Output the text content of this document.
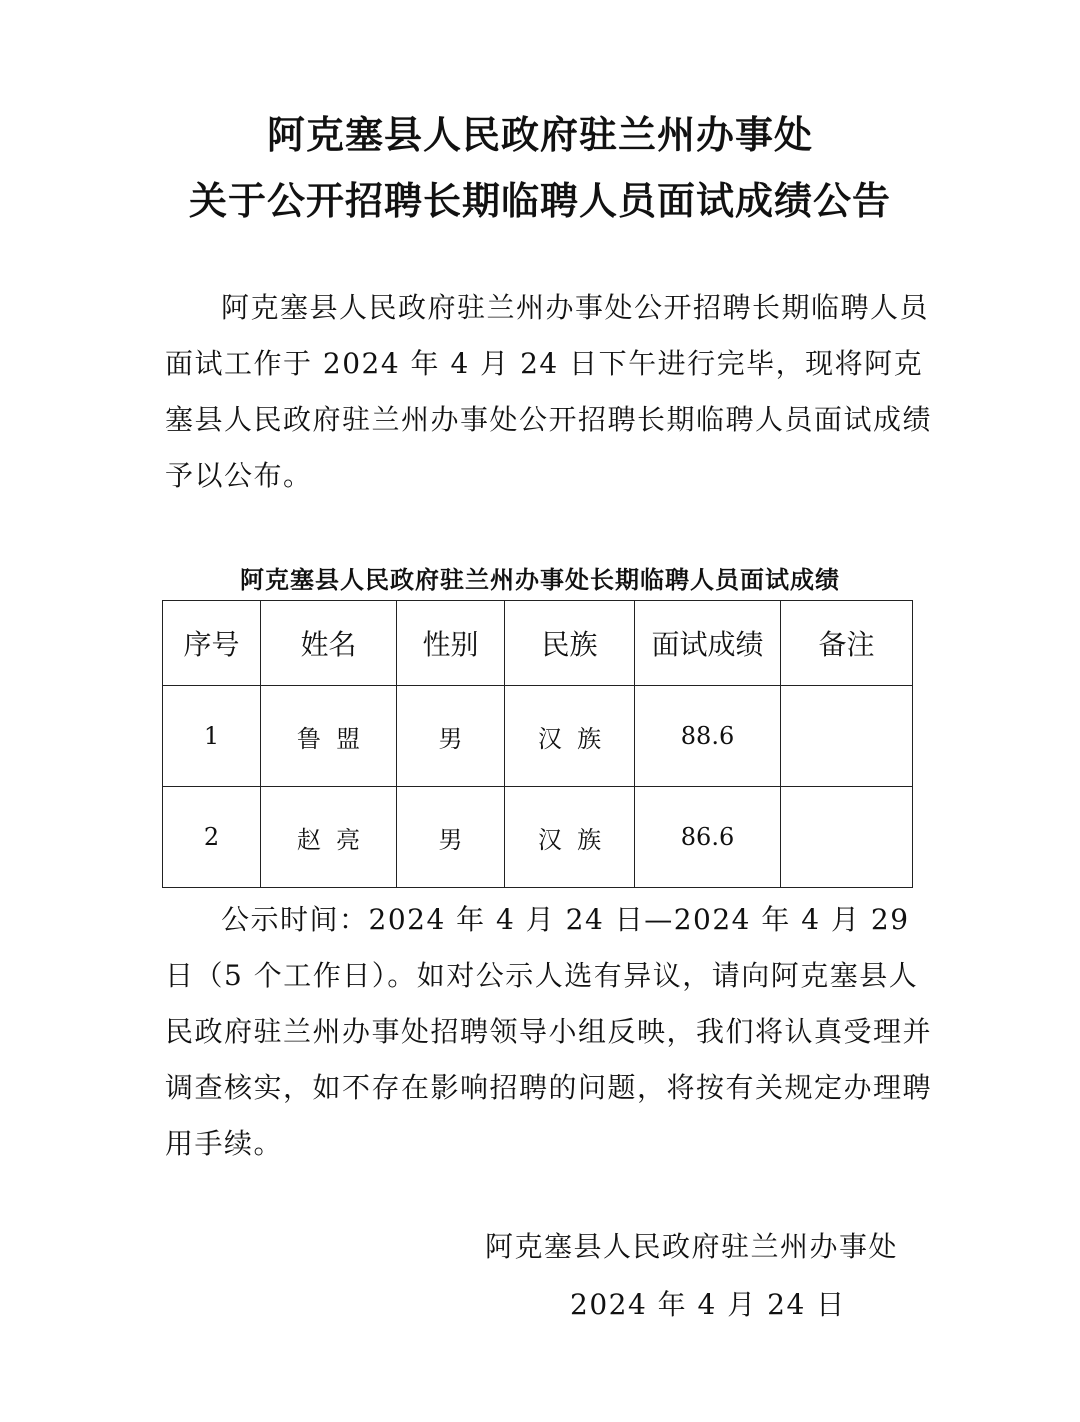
阿克塞县人民政府驻兰州办事处
关于公开招聘长期临聘人员面试成绩公告
阿克塞县人民政府驻兰州办事处公开招聘长期临聘人员面试工作于 2024 年 4 月 24 日下午进行完毕，现将阿克塞县人民政府驻兰州办事处公开招聘长期临聘人员面试成绩予以公布。
阿克塞县人民政府驻兰州办事处长期临聘人员面试成绩
序号	姓名	性别	民族	面试成绩	备注
1	鲁  盟	男	汉  族	88.6	
2	赵  亮	男	汉  族	86.6	
公示时间：2024 年 4 月 24 日—2024 年 4 月 29 日（5 个工作日）。如对公示人选有异议，请向阿克塞县人民政府驻兰州办事处招聘领导小组反映，我们将认真受理并调查核实，如不存在影响招聘的问题，将按有关规定办理聘用手续。
阿克塞县人民政府驻兰州办事处
2024 年 4 月 24 日
